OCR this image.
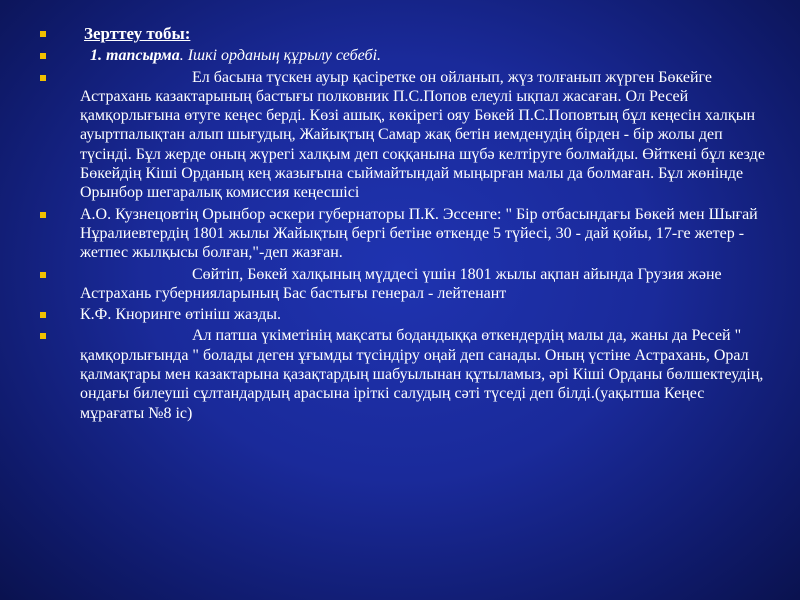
Зерттеу тобы:
1. тапсырма. Ішкі орданың құрылу себебі.
Ел басына түскен ауыр қасіретке он ойланып, жүз толғанып жүрген Бөкейге Астрахань казактарының бастығы полковник П.С.Попов елеулі ықпал жасаған. Ол Ресей қамқорлығына өтуге кеңес берді. Көзі ашық, көкірегі ояу Бөкей П.С.Поповтың бұл кеңесін халқын ауыртпалықтан алып шығудың, Жайықтың Самар жақ бетін иемденудің бірден - бір жолы деп түсінді. Бұл жерде оның жүрегі халқым деп соққанына шүбә келтіруге болмайды. Өйткені бұл кезде Бөкейдің Кіші Орданың кең жазығына сыймайтындай мыңырған малы да болмаған. Бұл жөнінде Орынбор шегаралық комиссия кеңесшісі
А.О. Кузнецовтің Орынбор әскери губернаторы П.К. Эссенге: " Бір отбасындағы Бөкей мен Шығай Нұралиевтердің 1801 жылы Жайықтың бергі бетіне өткенде 5 түйесі, 30 - дай қойы, 17-ге жетер - жетпес жылқысы болған,"-деп жазған.
Сөйтіп, Бөкей халқының мүддесі үшін 1801 жылы ақпан айында Грузия және Астрахань губернияларының Бас бастығы генерал - лейтенант
К.Ф. Кноринге өтініш жазды.
Ал патша үкіметінің мақсаты бодандыққа өткендердің малы да, жаны да Ресей " қамқорлығында " болады деген ұғымды түсіндіру оңай деп санады. Оның үстіне Астрахань, Орал қалмақтары мен казактарына қазақтардың шабуылынан құтыламыз, әрі Кіші Орданы бөлшектеудің, ондағы билеуші сұлтандардың арасына іріткі салудың сәті түседі деп білді.(уақытша Кеңес мұрағаты №8 іс)
